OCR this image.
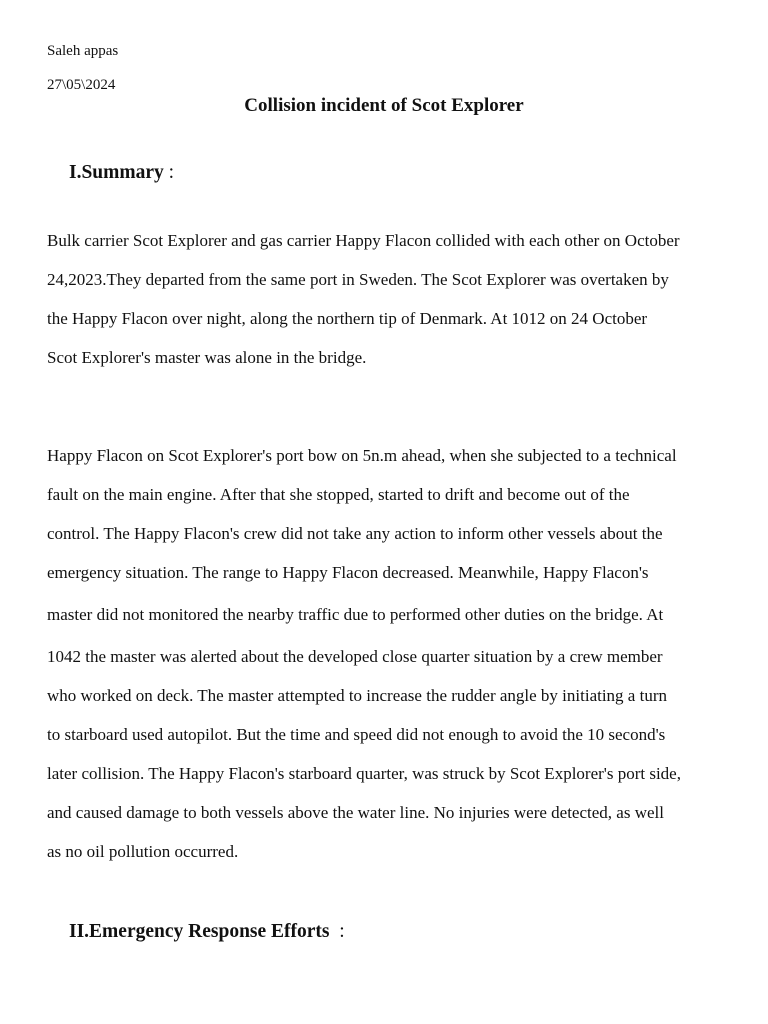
Saleh appas
27\05\2024
Collision incident of Scot Explorer
I.Summary :
Bulk carrier Scot Explorer and gas carrier Happy Flacon collided with each other on October
24,2023.They departed from the same port in Sweden. The Scot Explorer was overtaken by
the Happy Flacon over night, along the northern tip of Denmark. At 1012 on 24 October
Scot Explorer's master was alone in the bridge.
Happy Flacon on Scot Explorer's port bow on 5n.m ahead, when she subjected to a technical
fault on the main engine. After that she stopped, started to drift and become out of the
control. The Happy Flacon's crew did not take any action to inform other vessels about the
emergency situation. The range to Happy Flacon decreased. Meanwhile, Happy Flacon's
master did not monitored the nearby traffic due to performed other duties on the bridge. At
1042 the master was alerted about the developed close quarter situation by a crew member
who worked on deck. The master attempted to increase the rudder angle by initiating a turn
to starboard used autopilot. But the time and speed did not enough to avoid the 10 second's
later collision. The Happy Flacon's starboard quarter, was struck by Scot Explorer's port side,
and caused damage to both vessels above the water line. No injuries were detected, as well
as no oil pollution occurred.
II.Emergency Response Efforts :
